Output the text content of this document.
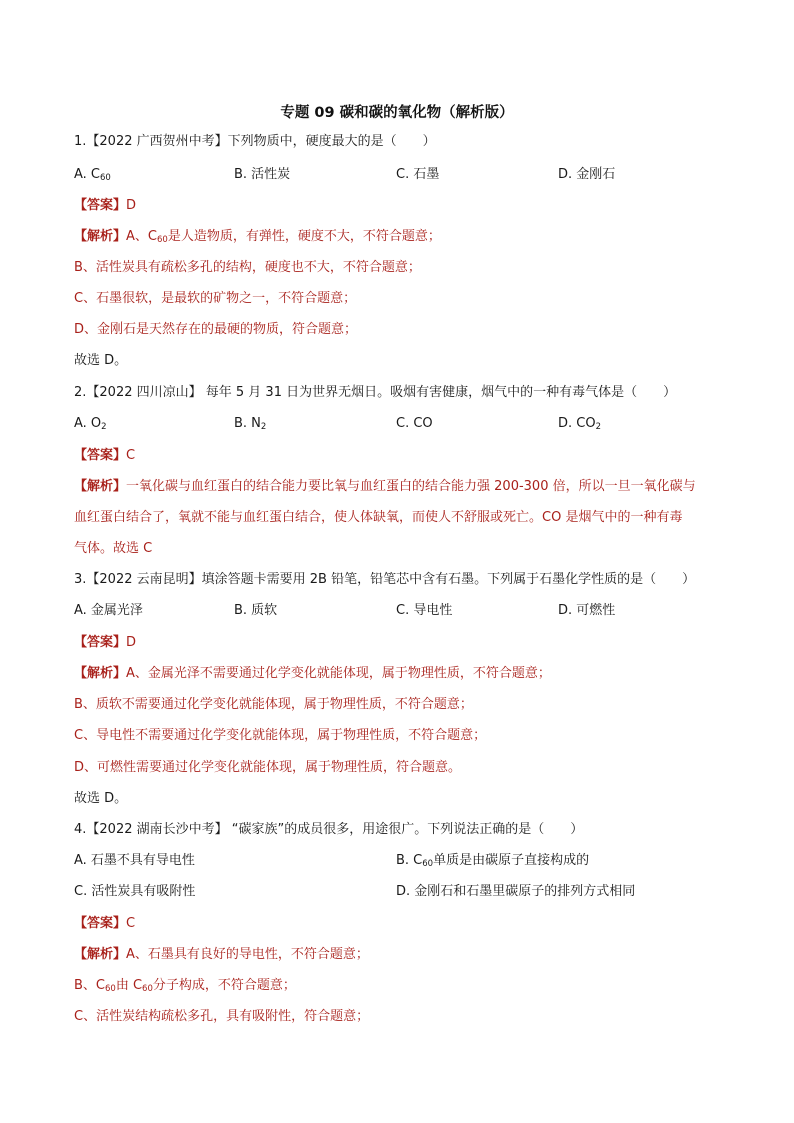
专题 09 碳和碳的氧化物（解析版）
1.【2022 广西贺州中考】下列物质中，硬度最大的是（　　）
A. $C_{60}$	B. 活性炭	C. 石墨	D. 金刚石
【答案】D
【解析】A、$C_{60}$是人造物质，有弹性，硬度不大，不符合题意；
B、活性炭具有疏松多孔的结构，硬度也不大，不符合题意；
C、石墨很软，是最软的矿物之一，不符合题意；
D、金刚石是天然存在的最硬的物质，符合题意；
故选 D。
2.【2022 四川凉山】 每年 5 月 31 日为世界无烟日。吸烟有害健康，烟气中的一种有毒气体是（　　）
A. $O_2$	B. $N_2$	C. CO	D. $CO_2$
【答案】C
【解析】一氧化碳与血红蛋白的结合能力要比氧与血红蛋白的结合能力强 200-300 倍，所以一旦一氧化碳与
血红蛋白结合了，氧就不能与血红蛋白结合，使人体缺氧，而使人不舒服或死亡。CO 是烟气中的一种有毒
气体。故选 C
3.【2022 云南昆明】填涂答题卡需要用 2B 铅笔，铅笔芯中含有石墨。下列属于石墨化学性质的是（　　）
A. 金属光泽	B. 质软	C. 导电性	D. 可燃性
【答案】D
【解析】A、金属光泽不需要通过化学变化就能体现，属于物理性质，不符合题意；
B、质软不需要通过化学变化就能体现，属于物理性质，不符合题意；
C、导电性不需要通过化学变化就能体现，属于物理性质，不符合题意；
D、可燃性需要通过化学变化就能体现，属于物理性质，符合题意。
故选 D。
4.【2022 湖南长沙中考】 “碳家族”的成员很多，用途很广。下列说法正确的是（　　）
A. 石墨不具有导电性	B. $C_{60}$单质是由碳原子直接构成的
C. 活性炭具有吸附性	D. 金刚石和石墨里碳原子的排列方式相同
【答案】C
【解析】A、石墨具有良好的导电性，不符合题意；
B、$C_{60}$由 $C_{60}$分子构成，不符合题意；
C、活性炭结构疏松多孔，具有吸附性，符合题意；
